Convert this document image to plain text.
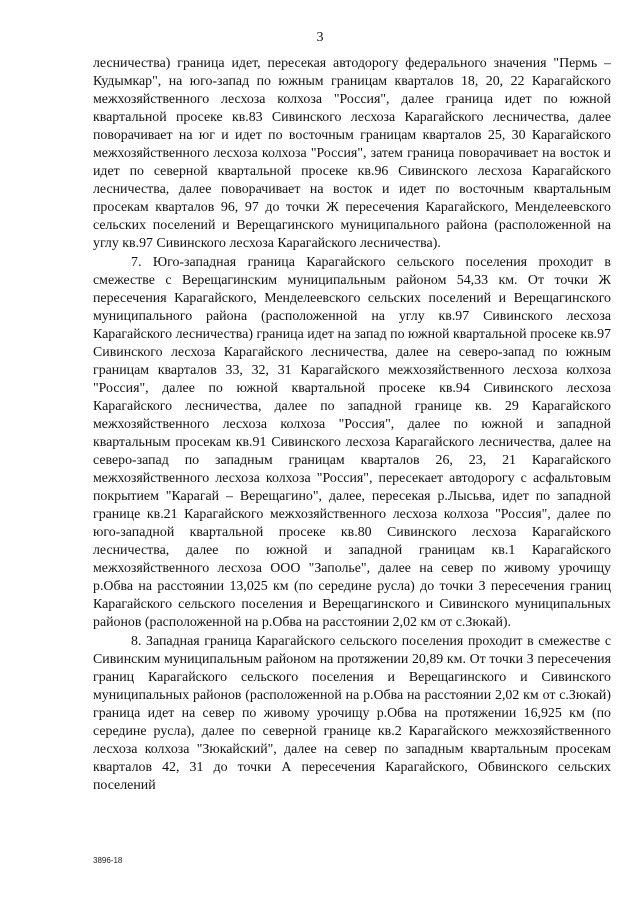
3

лесничества) граница идет, пересекая автодорогу федерального значения "Пермь – Кудымкар", на юго-запад по южным границам кварталов 18, 20, 22 Карагайского межхозяйственного лесхоза колхоза "Россия", далее граница идет по южной квартальной просеке кв.83 Сивинского лесхоза Карагайского лесничества, далее поворачивает на юг и идет по восточным границам кварталов 25, 30 Карагайского межхозяйственного лесхоза колхоза "Россия", затем граница поворачивает на восток и идет по северной квартальной просеке кв.96 Сивинского лесхоза Карагайского лесничества, далее поворачивает на восток и идет по восточным квартальным просекам кварталов 96, 97 до точки Ж пересечения Карагайского, Менделеевского сельских поселений и Верещагинского муниципального района (расположенной на углу кв.97 Сивинского лесхоза Карагайского лесничества).

7. Юго-западная граница Карагайского сельского поселения проходит в смежестве с Верещагинским муниципальным районом 54,33 км. От точки Ж пересечения Карагайского, Менделеевского сельских поселений и Верещагинского муниципального района (расположенной на углу кв.97 Сивинского лесхоза Карагайского лесничества) граница идет на запад по южной квартальной просеке кв.97 Сивинского лесхоза Карагайского лесничества, далее на северо-запад по южным границам кварталов 33, 32, 31 Карагайского межхозяйственного лесхоза колхоза "Россия", далее по южной квартальной просеке кв.94 Сивинского лесхоза Карагайского лесничества, далее по западной границе кв. 29 Карагайского межхозяйственного лесхоза колхоза "Россия", далее по южной и западной квартальным просекам кв.91 Сивинского лесхоза Карагайского лесничества, далее на северо-запад по западным границам кварталов 26, 23, 21 Карагайского межхозяйственного лесхоза колхоза "Россия", пересекает автодорогу с асфальтовым покрытием "Карагай – Верещагино", далее, пересекая р.Лысьва, идет по западной границе кв.21 Карагайского межхозяйственного лесхоза колхоза "Россия", далее по юго-западной квартальной просеке кв.80 Сивинского лесхоза Карагайского лесничества, далее по южной и западной границам кв.1 Карагайского межхозяйственного лесхоза ООО "Заполье", далее на север по живому урочищу р.Обва на расстоянии 13,025 км (по середине русла) до точки З пересечения границ Карагайского сельского поселения и Верещагинского и Сивинского муниципальных районов (расположенной на р.Обва на расстоянии 2,02 км от с.Зюкай).

8. Западная граница Карагайского сельского поселения проходит в смежестве с Сивинским муниципальным районом на протяжении 20,89 км. От точки З пересечения границ Карагайского сельского поселения и Верещагинского и Сивинского муниципальных районов (расположенной на р.Обва на расстоянии 2,02 км от с.Зюкай) граница идет на север по живому урочищу р.Обва на протяжении 16,925 км (по середине русла), далее по северной границе кв.2 Карагайского межхозяйственного лесхоза колхоза "Зюкайский", далее на север по западным квартальным просекам кварталов 42, 31 до точки А пересечения Карагайского, Обвинского сельских поселений

3896-18
